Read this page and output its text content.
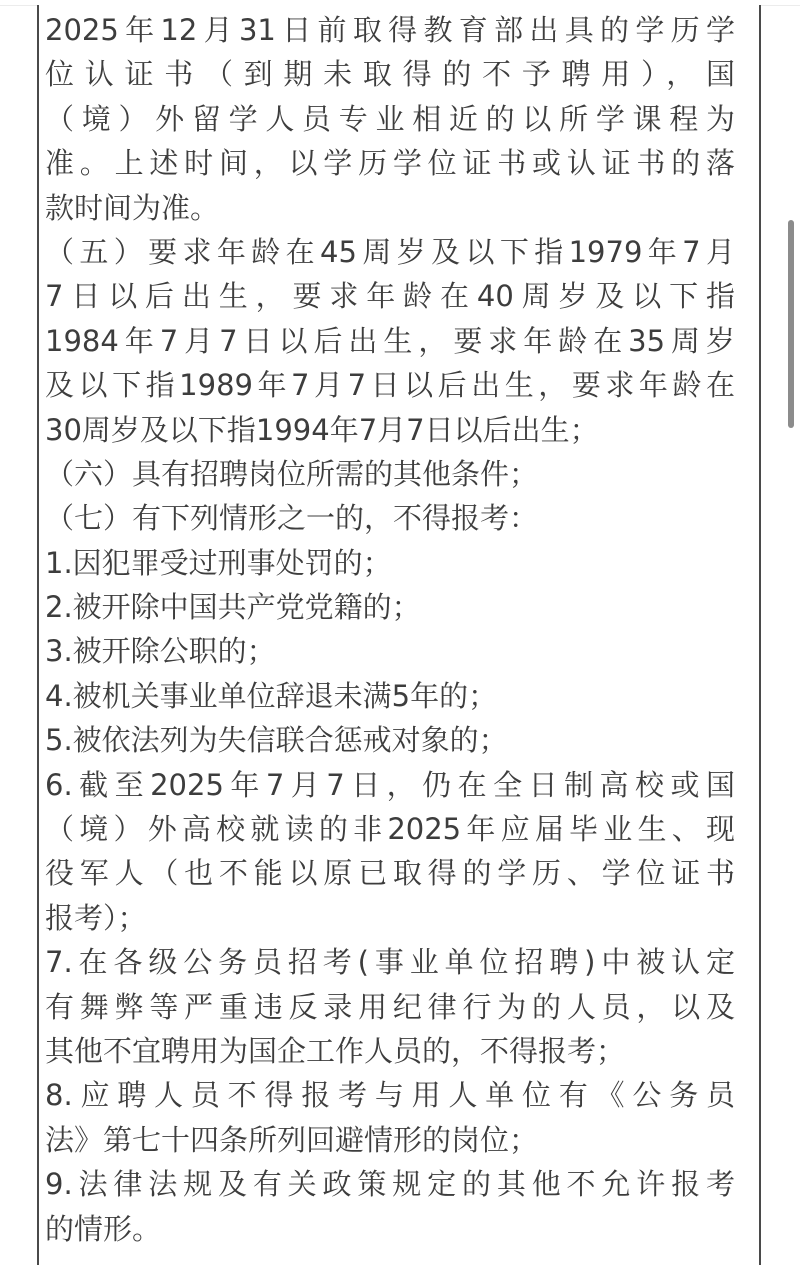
2025年12月31日前取得教育部出具的学历学
位认证书（到期未取得的不予聘用），国
（境）外留学人员专业相近的以所学课程为
准。上述时间，以学历学位证书或认证书的落
款时间为准。
（五）要求年龄在45周岁及以下指1979年7月
7日以后出生，要求年龄在40周岁及以下指
1984年7月7日以后出生，要求年龄在35周岁
及以下指1989年7月7日以后出生，要求年龄在
30周岁及以下指1994年7月7日以后出生；
（六）具有招聘岗位所需的其他条件；
（七）有下列情形之一的，不得报考：
1.因犯罪受过刑事处罚的；
2.被开除中国共产党党籍的；
3.被开除公职的；
4.被机关事业单位辞退未满5年的；
5.被依法列为失信联合惩戒对象的；
6.截至2025年7月7日，仍在全日制高校或国
（境）外高校就读的非2025年应届毕业生、现
役军人（也不能以原已取得的学历、学位证书
报考）；
7.在各级公务员招考(事业单位招聘)中被认定
有舞弊等严重违反录用纪律行为的人员，以及
其他不宜聘用为国企工作人员的，不得报考；
8.应聘人员不得报考与用人单位有《公务员
法》第七十四条所列回避情形的岗位；
9.法律法规及有关政策规定的其他不允许报考
的情形。
